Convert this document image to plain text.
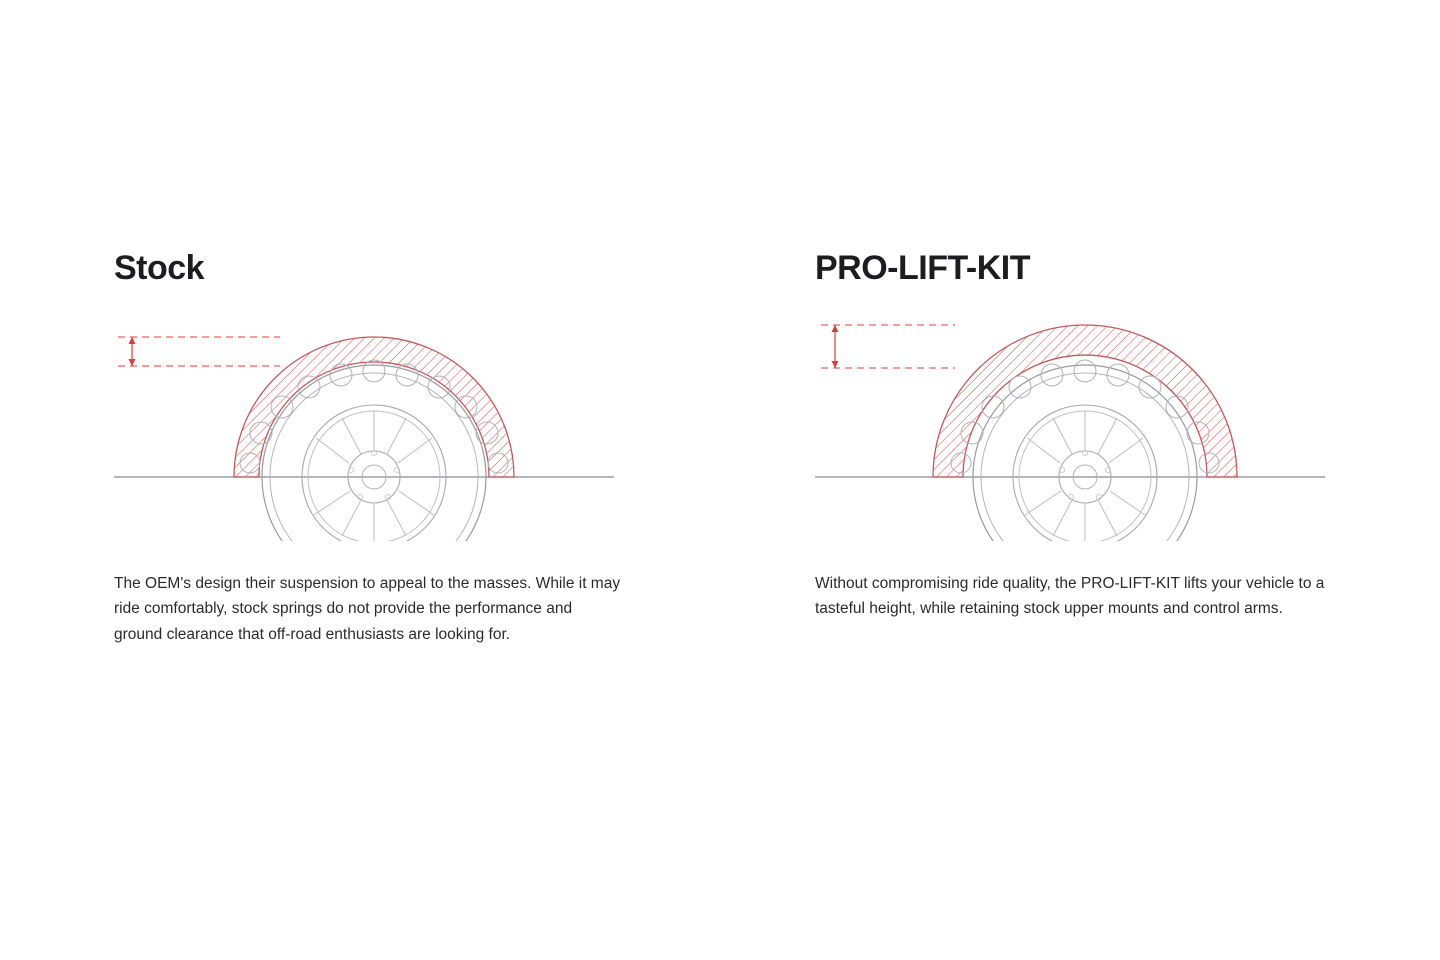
Stock

The OEM's design their suspension to appeal to the masses. While it may ride comfortably, stock springs do not provide the performance and ground clearance that off-road enthusiasts are looking for.

PRO-LIFT-KIT

Without compromising ride quality, the PRO-LIFT-KIT lifts your vehicle to a tasteful height, while retaining stock upper mounts and control arms.
